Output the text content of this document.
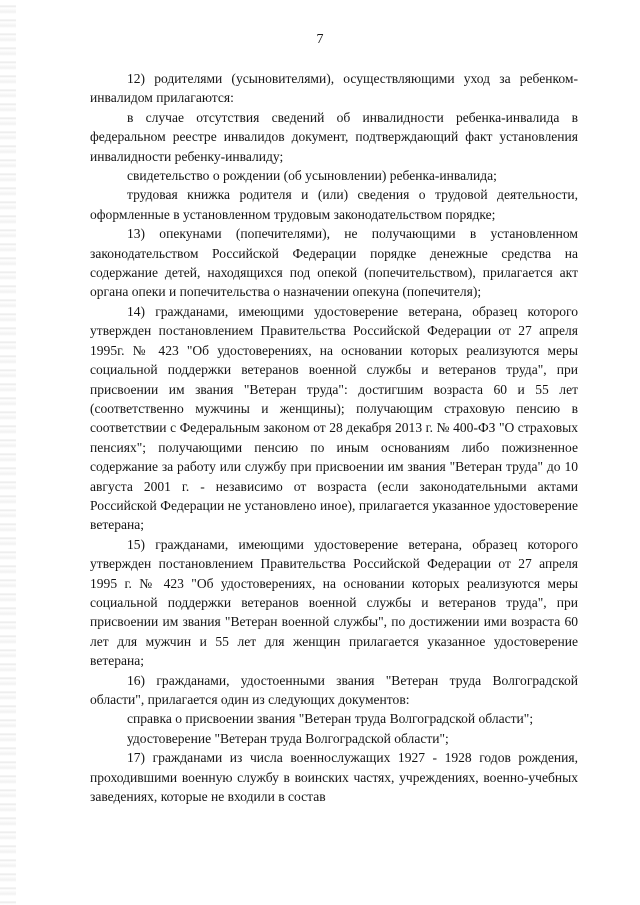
7

12) родителями (усыновителями), осуществляющими уход за ребенком-инвалидом прилагаются:

в случае отсутствия сведений об инвалидности ребенка-инвалида в федеральном реестре инвалидов документ, подтверждающий факт установления инвалидности ребенку-инвалиду;

свидетельство о рождении (об усыновлении) ребенка-инвалида;

трудовая книжка родителя и (или) сведения о трудовой деятельности, оформленные в установленном трудовым законодательством порядке;

13) опекунами (попечителями), не получающими в установленном законодательством Российской Федерации порядке денежные средства на содержание детей, находящихся под опекой (попечительством), прилагается акт органа опеки и попечительства о назначении опекуна (попечителя);

14) гражданами, имеющими удостоверение ветерана, образец которого утвержден постановлением Правительства Российской Федерации от 27 апреля 1995г. № 423 "Об удостоверениях, на основании которых реализуются меры социальной поддержки ветеранов военной службы и ветеранов труда", при присвоении им звания "Ветеран труда": достигшим возраста 60 и 55 лет (соответственно мужчины и женщины); получающим страховую пенсию в соответствии с Федеральным законом от 28 декабря 2013 г. № 400-ФЗ "О страховых пенсиях"; получающими пенсию по иным основаниям либо пожизненное содержание за работу или службу при присвоении им звания "Ветеран труда" до 10 августа 2001 г. - независимо от возраста (если законодательными актами Российской Федерации не установлено иное), прилагается указанное удостоверение ветерана;

15) гражданами, имеющими удостоверение ветерана, образец которого утвержден постановлением Правительства Российской Федерации от 27 апреля 1995 г. № 423 "Об удостоверениях, на основании которых реализуются меры социальной поддержки ветеранов военной службы и ветеранов труда", при присвоении им звания "Ветеран военной службы", по достижении ими возраста 60 лет для мужчин и 55 лет для женщин прилагается указанное удостоверение ветерана;

16) гражданами, удостоенными звания "Ветеран труда Волгоградской области", прилагается один из следующих документов:

справка о присвоении звания "Ветеран труда Волгоградской области";

удостоверение "Ветеран труда Волгоградской области";

17) гражданами из числа военнослужащих 1927 - 1928 годов рождения, проходившими военную службу в воинских частях, учреждениях, военно-учебных заведениях, которые не входили в состав
